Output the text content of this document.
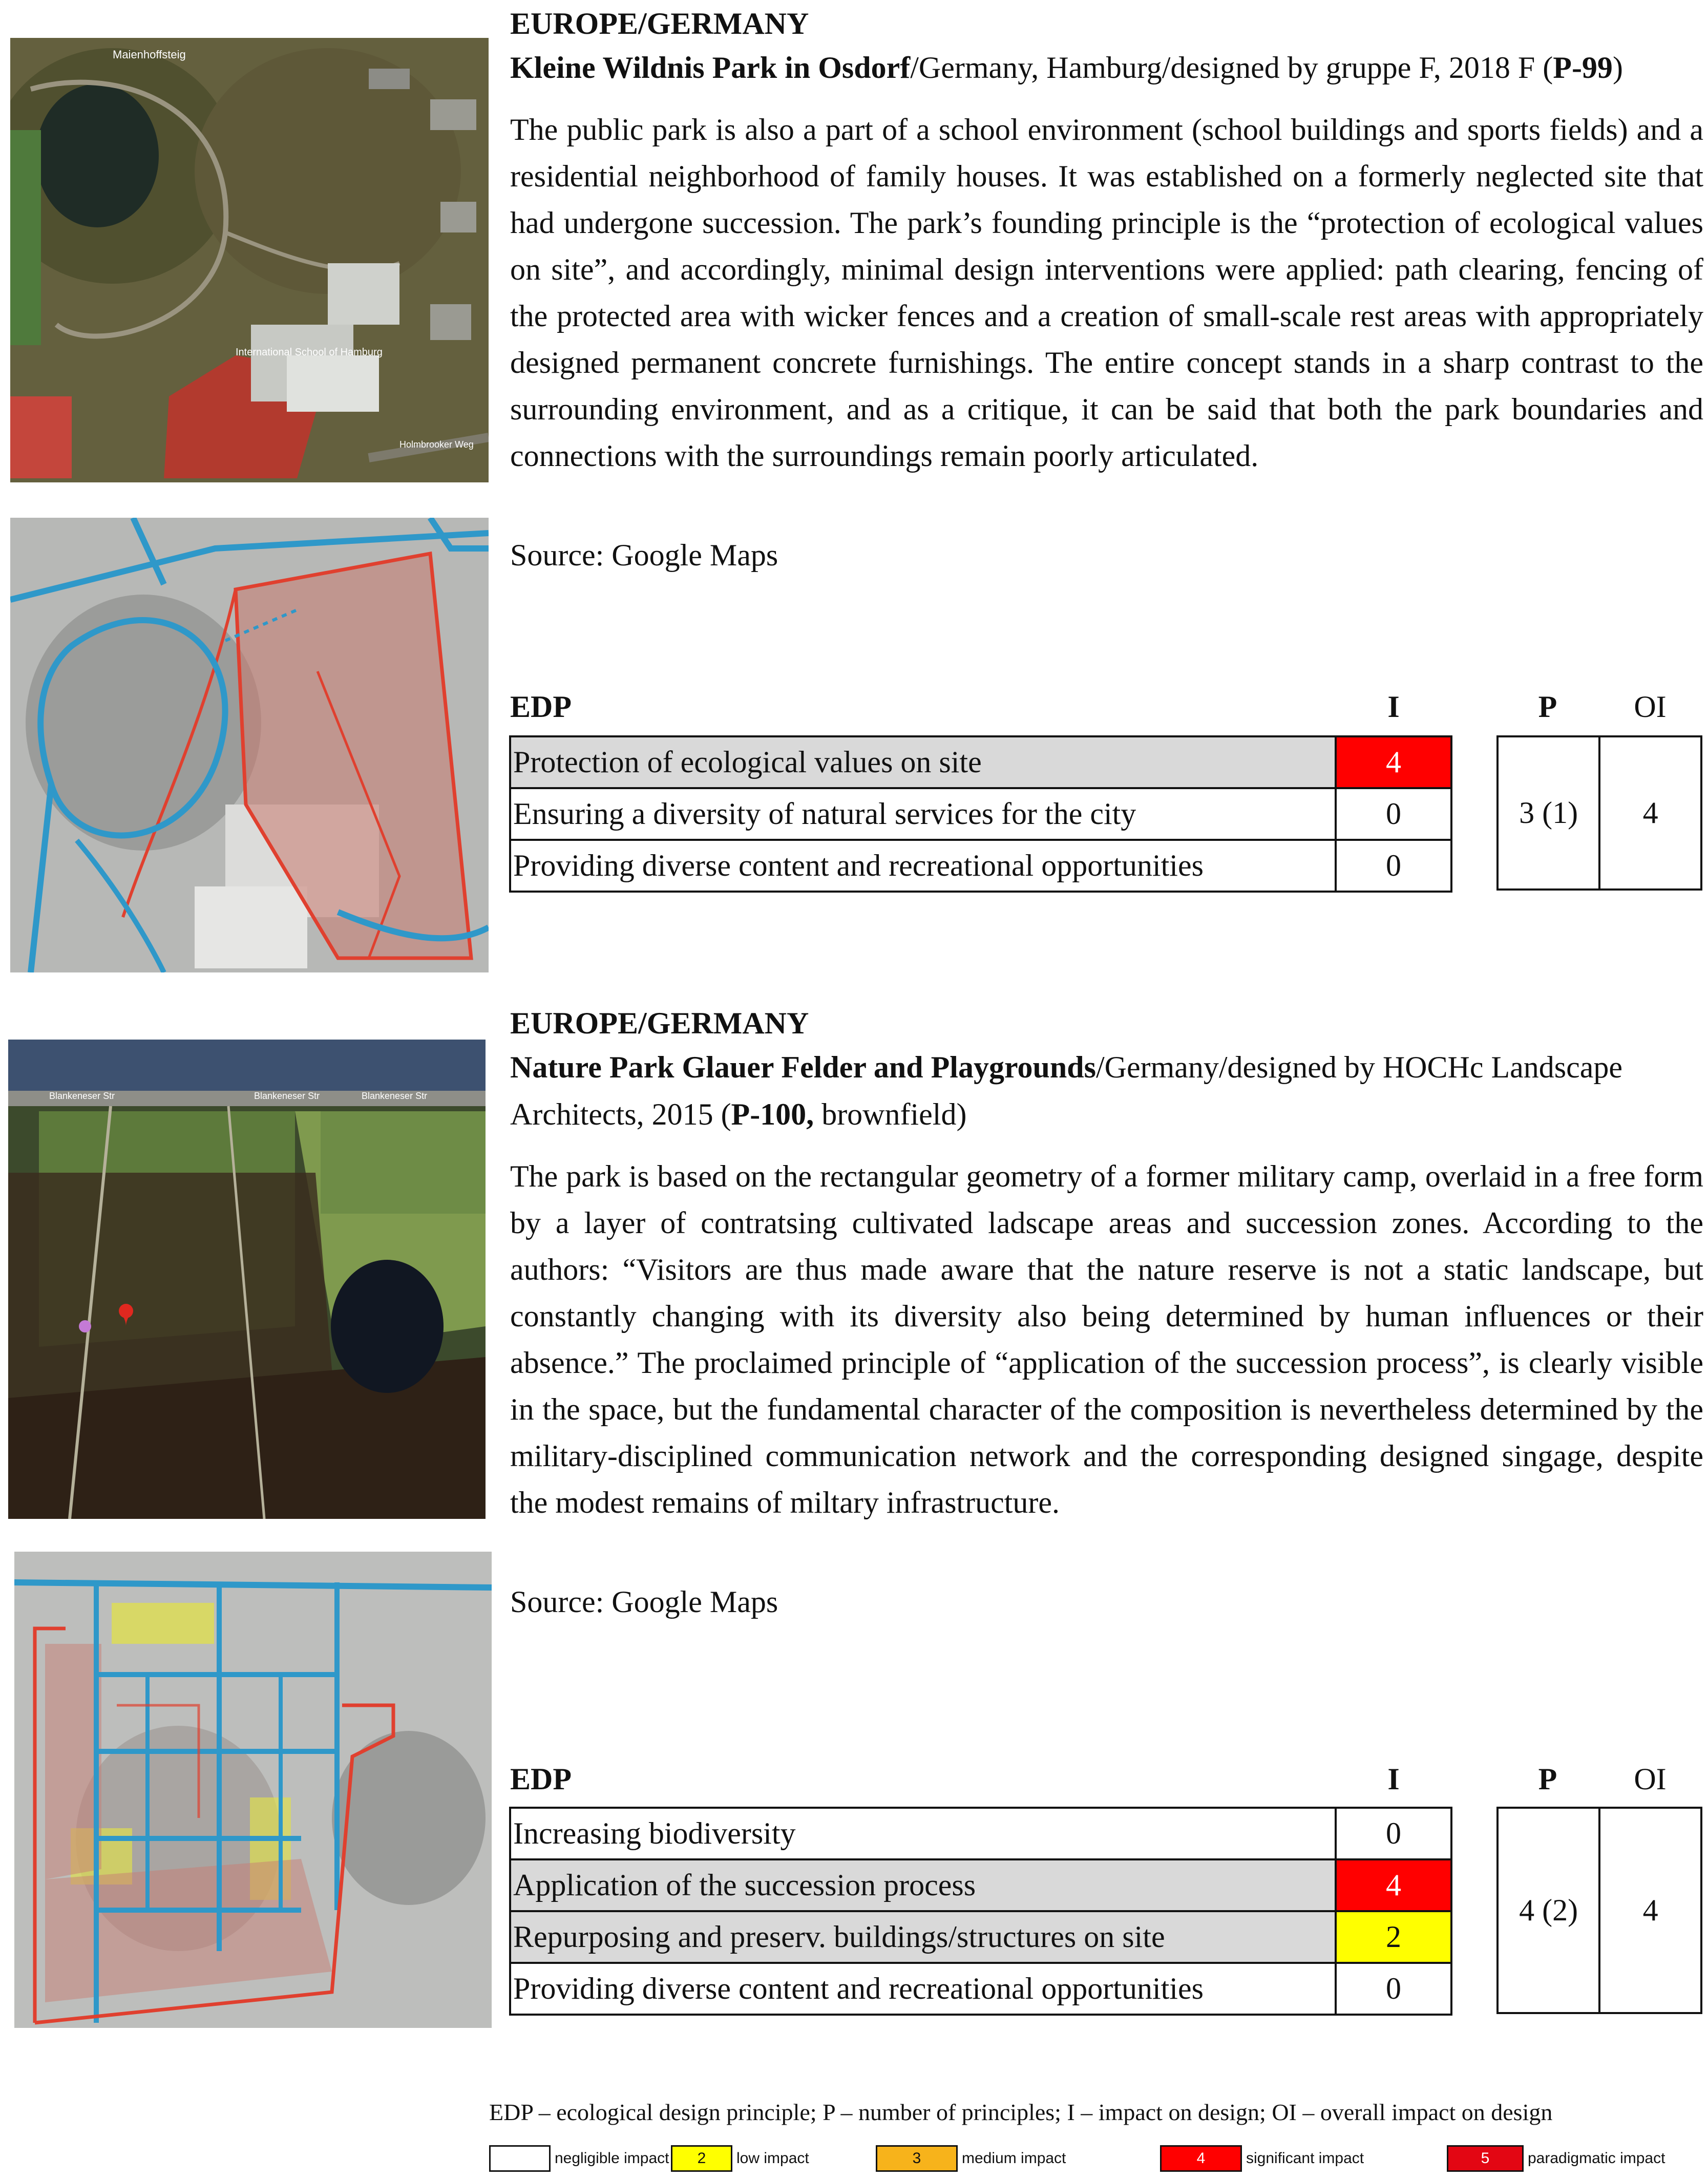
Maienhoffsteig
International School of Hamburg
Holmbrooker Weg
EUROPE/GERMANY
Kleine Wildnis Park in Osdorf/Germany, Hamburg/designed by gruppe F, 2018 F (P-99)
The public park is also a part of a school environment (school buildings and sports fields) and a residential neighborhood of family houses. It was established on a formerly neglected site that had undergone succession. The park’s founding principle is the “protection of ecological values on site”, and accordingly, minimal design interventions were applied: path clearing, fencing of the protected area with wicker fences and a creation of small-scale rest areas with appropriately designed permanent concrete furnishings. The entire concept stands in a sharp contrast to the surrounding environment, and as a critique, it can be said that both the park boundaries and connections with the surroundings remain poorly articulated.
Source: Google Maps
EDP	I	P	OI
Protection of ecological values on site	4
Ensuring a diversity of natural services for the city	0
Providing diverse content and recreational opportunities	0
3 (1)	4
Blankeneser Str	Blankeneser Str	Blankeneser Str
EUROPE/GERMANY
Nature Park Glauer Felder and Playgrounds/Germany/designed by HOCHc Landscape
Architects, 2015 (P-100, brownfield)
The park is based on the rectangular geometry of a former military camp, overlaid in a free form by a layer of contratsing cultivated ladscape areas and succession zones. According to the authors: “Visitors are thus made aware that the nature reserve is not a static landscape, but constantly changing with its diversity also being determined by human influences or their absence.” The proclaimed principle of “application of the succession process”, is clearly visible in the space, but the fundamental character of the composition is nevertheless determined by the military-disciplined communication network and the corresponding designed singage, despite the modest remains of miltary infrastructure.
Source: Google Maps
EDP	I	P	OI
Increasing biodiversity	0
Application of the succession process	4
Repurposing and preserv. buildings/structures on site	2
Providing diverse content and recreational opportunities	0
4 (2)	4
EDP – ecological design principle; P – number of principles; I – impact on design; OI – overall impact on design
negligible impact	2	low impact	3	medium impact	4	significant impact	5	paradigmatic impact
